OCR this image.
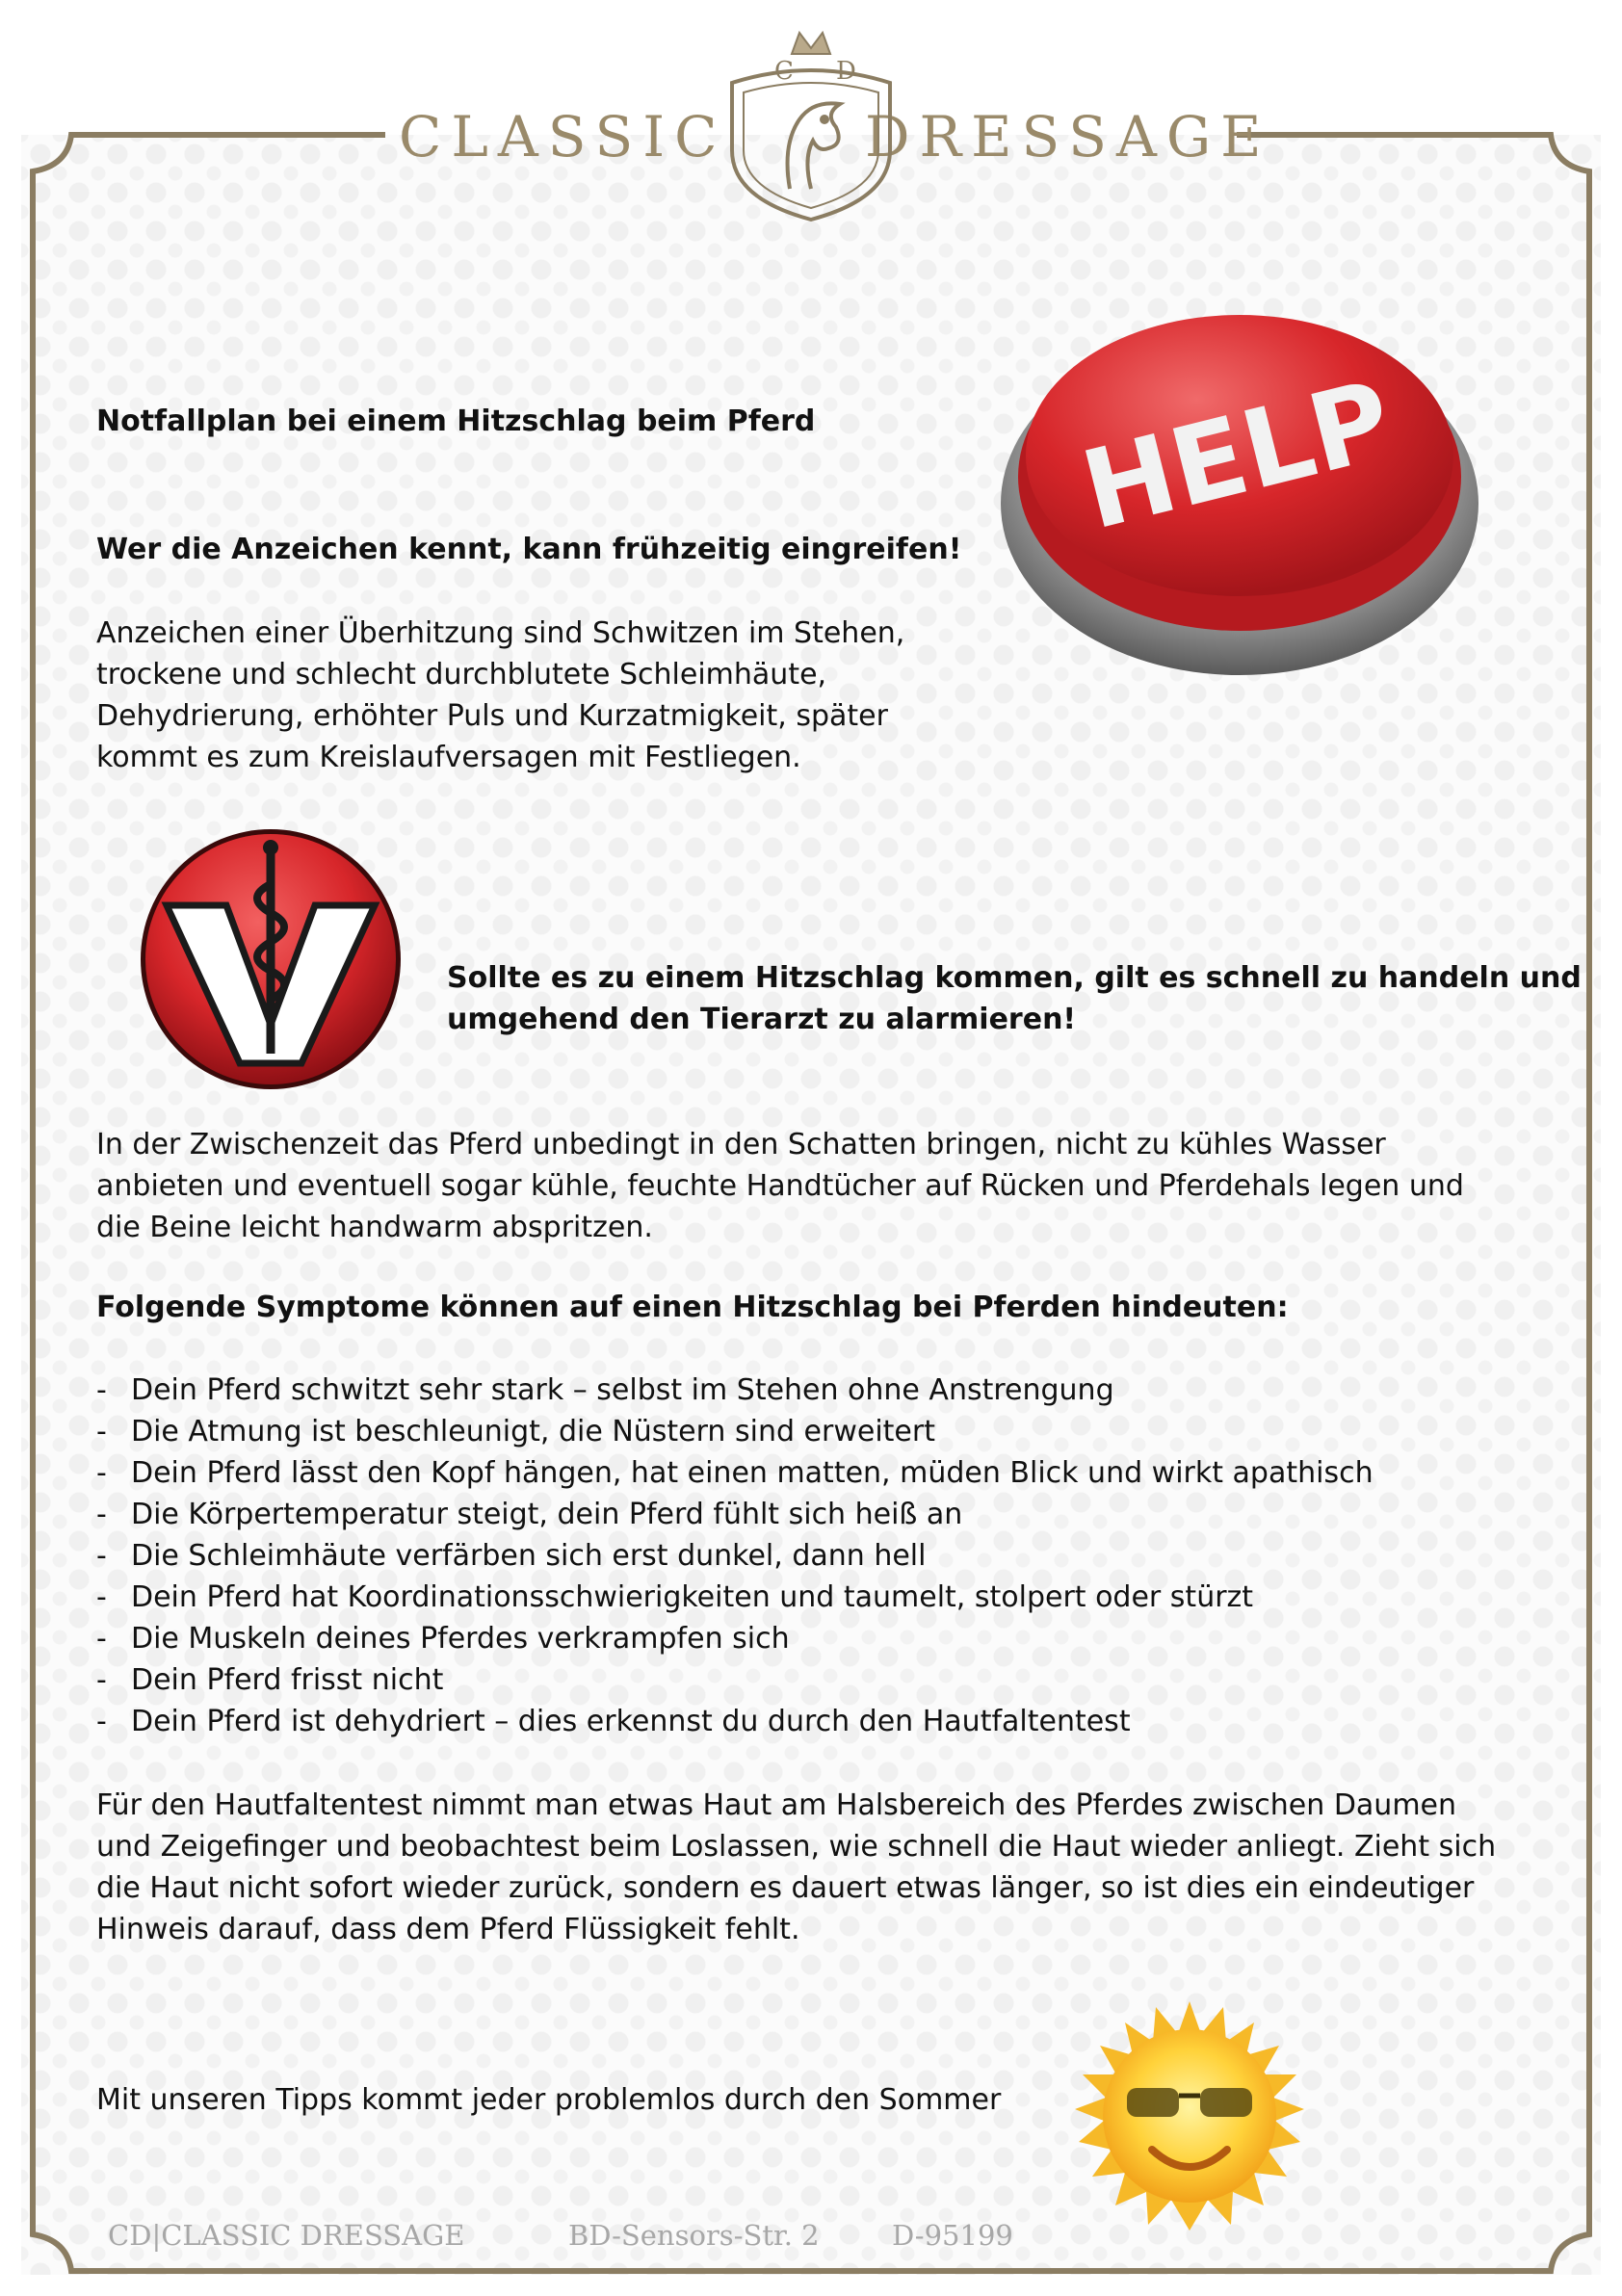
CLASSIC DRESSAGE
C D
HELP
Notfallplan bei einem Hitzschlag beim Pferd
Wer die Anzeichen kennt, kann frühzeitig eingreifen!
Anzeichen einer Überhitzung sind Schwitzen im Stehen,
trockene und schlecht durchblutete Schleimhäute,
Dehydrierung, erhöhter Puls und Kurzatmigkeit, später
kommt es zum Kreislaufversagen mit Festliegen.
Sollte es zu einem Hitzschlag kommen, gilt es schnell zu handeln und
umgehend den Tierarzt zu alarmieren!
In der Zwischenzeit das Pferd unbedingt in den Schatten bringen, nicht zu kühles Wasser
anbieten und eventuell sogar kühle, feuchte Handtücher auf Rücken und Pferdehals legen und
die Beine leicht handwarm abspritzen.
Folgende Symptome können auf einen Hitzschlag bei Pferden hindeuten:
- Dein Pferd schwitzt sehr stark – selbst im Stehen ohne Anstrengung
- Die Atmung ist beschleunigt, die Nüstern sind erweitert
- Dein Pferd lässt den Kopf hängen, hat einen matten, müden Blick und wirkt apathisch
- Die Körpertemperatur steigt, dein Pferd fühlt sich heiß an
- Die Schleimhäute verfärben sich erst dunkel, dann hell
- Dein Pferd hat Koordinationsschwierigkeiten und taumelt, stolpert oder stürzt
- Die Muskeln deines Pferdes verkrampfen sich
- Dein Pferd frisst nicht
- Dein Pferd ist dehydriert – dies erkennst du durch den Hautfaltentest
Für den Hautfaltentest nimmt man etwas Haut am Halsbereich des Pferdes zwischen Daumen
und Zeigefinger und beobachtest beim Loslassen, wie schnell die Haut wieder anliegt. Zieht sich
die Haut nicht sofort wieder zurück, sondern es dauert etwas länger, so ist dies ein eindeutiger
Hinweis darauf, dass dem Pferd Flüssigkeit fehlt.
Mit unseren Tipps kommt jeder problemlos durch den Sommer
CD|CLASSIC DRESSAGE	BD-Sensors-Str. 2	D-95199
